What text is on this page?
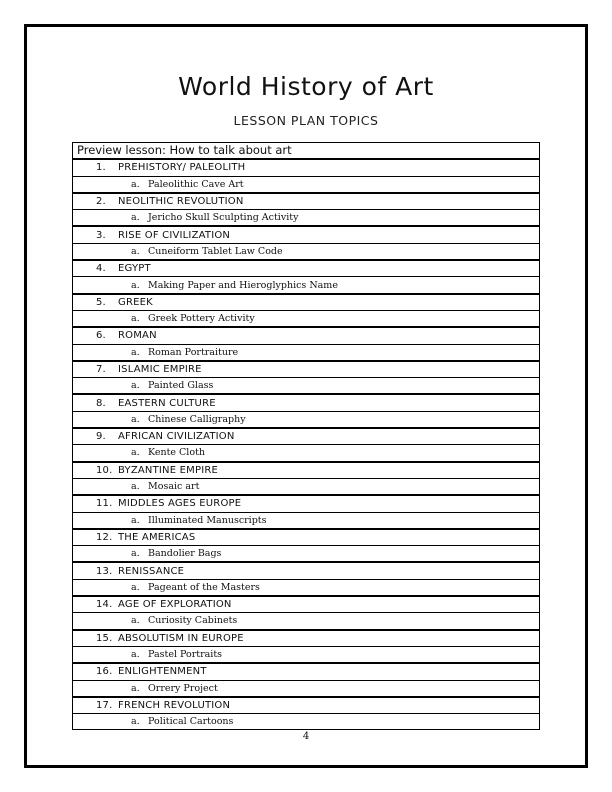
World History of Art
LESSON PLAN TOPICS
Preview lesson: How to talk about art
1. PREHISTORY/ PALEOLITH
a. Paleolithic Cave Art
2. NEOLITHIC REVOLUTION
a. Jericho Skull Sculpting Activity
3. RISE OF CIVILIZATION
a. Cuneiform Tablet Law Code
4. EGYPT
a. Making Paper and Hieroglyphics Name
5. GREEK
a. Greek Pottery Activity
6. ROMAN
a. Roman Portraiture
7. ISLAMIC EMPIRE
a. Painted Glass
8. EASTERN CULTURE
a. Chinese Calligraphy
9. AFRICAN CIVILIZATION
a. Kente Cloth
10. BYZANTINE EMPIRE
a. Mosaic art
11. MIDDLES AGES EUROPE
a. Illuminated Manuscripts
12. THE AMERICAS
a. Bandolier Bags
13. RENISSANCE
a. Pageant of the Masters
14. AGE OF EXPLORATION
a. Curiosity Cabinets
15. ABSOLUTISM IN EUROPE
a. Pastel Portraits
16. ENLIGHTENMENT
a. Orrery Project
17. FRENCH REVOLUTION
a. Political Cartoons
4
